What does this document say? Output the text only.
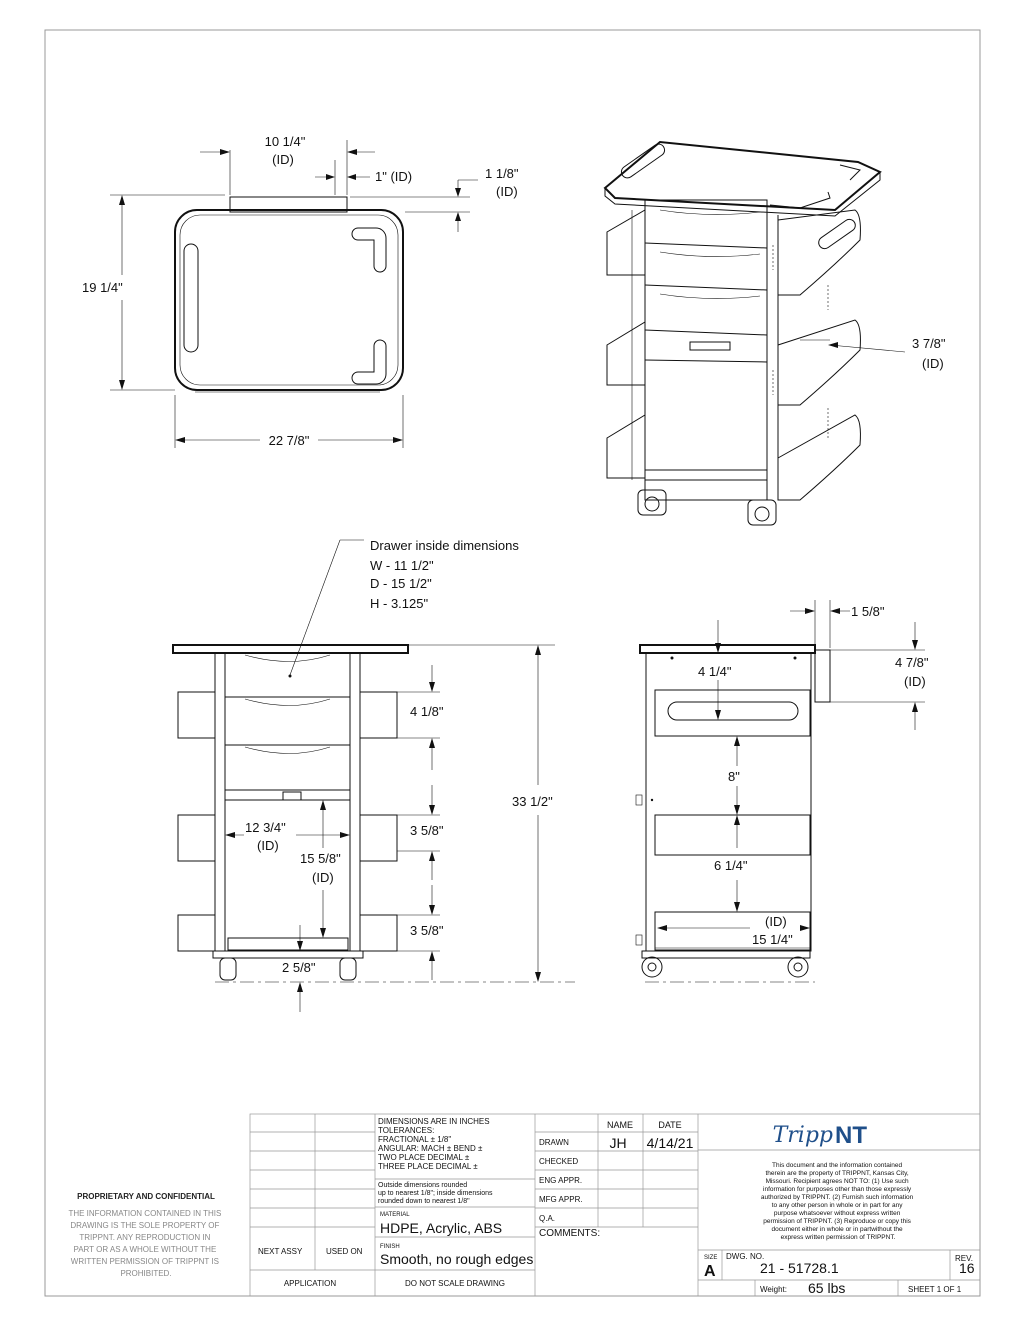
10 1/4"
(ID)
1" (ID)	1 1/8"
(ID)
19 1/4"
22 7/8"
3 7/8"
(ID)
Drawer inside dimensions W - 11 1/2" D - 15 1/2" H - 3.125"
33 1/2"
4 1/8"
3 5/8"
3 5/8"
12 3/4"
(ID)
15 5/8"
(ID)
2 5/8"
1 5/8"
4 7/8"
(ID)
4 1/4"
8"
6 1/4"
(ID)
15 1/4"
PROPRIETARY AND CONFIDENTIAL
THE INFORMATION CONTAINED IN THIS DRAWING IS THE SOLE PROPERTY OF TRIPPNT. ANY REPRODUCTION IN PART OR AS A WHOLE WITHOUT THE WRITTEN PERMISSION OF TRIPPNT IS PROHIBITED.
DIMENSIONS ARE IN INCHES TOLERANCES: FRACTIONAL ± 1/8" ANGULAR: MACH ± BEND ± TWO PLACE DECIMAL ± THREE PLACE DECIMAL ±
Outside dimensions rounded up to nearest 1/8"; inside dimensions rounded down to nearest 1/8"
MATERIAL
HDPE, Acrylic, ABS
FINISH
Smooth, no rough edges
NEXT ASSY	USED ON
APPLICATION	DO NOT SCALE DRAWING
NAME	DATE
DRAWN	JH 4/14/21
CHECKED
ENG APPR.
MFG APPR.
Q.A.
COMMENTS:
Tripp NT
This document and the information contained therein are the property of TRIPPNT, Kansas City, Missouri. Recipient agrees NOT TO: (1) Use such information for purposes other than those expressly authorized by TRIPPNT. (2) Furnish such information to any other person in whole or in part for any purpose whatsoever without express written permission of TRIPPNT. (3) Reproduce or copy this document either in whole or in partwithout the express written permission of TRIPPNT.
SIZE
A
DWG. NO.
21 - 51728.1
REV.
16
Weight: 65 lbs	SHEET 1 OF 1
